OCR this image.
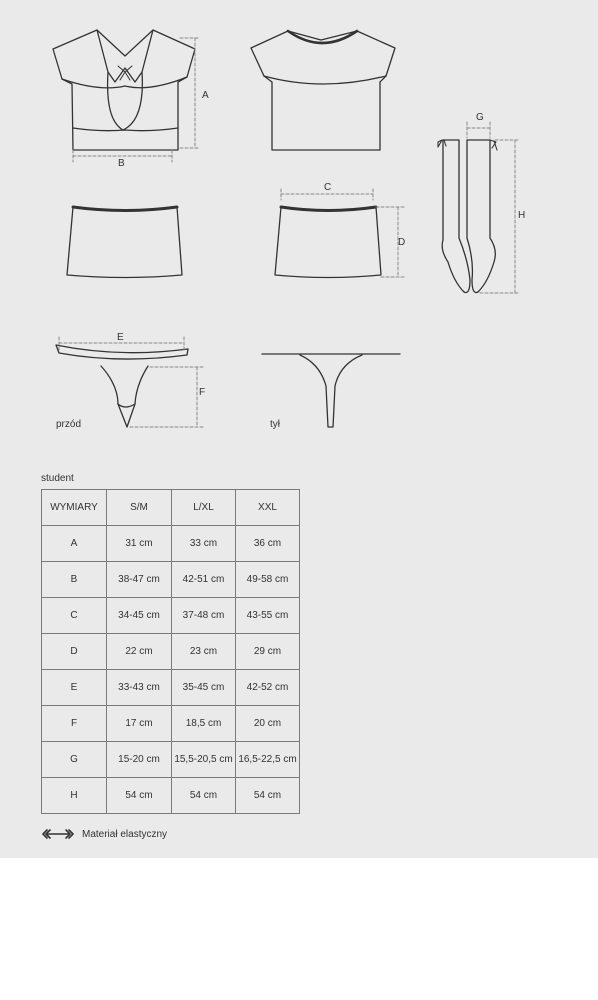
A
B
C
D
E
F
G
H
przód	tył
student
WYMIARY	S/M	L/XL	XXL
A	31 cm	33 cm	36 cm
B	38-47 cm	42-51 cm	49-58 cm
C	34-45 cm	37-48 cm	43-55 cm
D	22 cm	23 cm	29 cm
E	33-43 cm	35-45 cm	42-52 cm
F	17 cm	18,5 cm	20 cm
G	15-20 cm	15,5-20,5 cm	16,5-22,5 cm
H	54 cm	54 cm	54 cm
Materiał elastyczny
